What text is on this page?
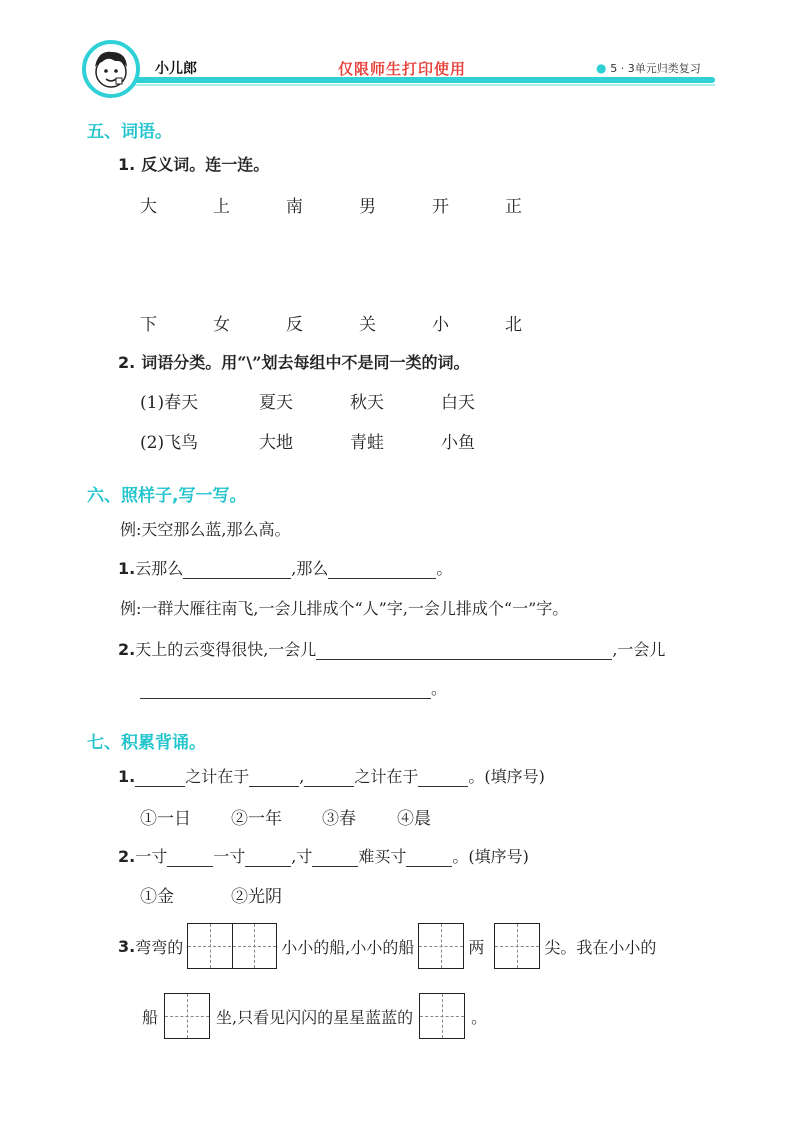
小儿郎	仅限师生打印使用	● 5 · 3单元归类复习
五、词语。
1. 反义词。连一连。
大	上	南	男	开	正
下	女	反	关	小	北
2. 词语分类。用“\”划去每组中不是同一类的词。
(1)春天	夏天	秋天	白天
(2)飞鸟	大地	青蛙	小鱼
六、照样子,写一写。
例:天空那么蓝,那么高。
1.云那么	,那么	。
例:一群大雁往南飞,一会儿排成个“人”字,一会儿排成个“一”字。
2.天上的云变得很快,一会儿	,一会儿
。
七、积累背诵。
1.	之计在于	,	之计在于	。(填序号)
①一日 ②一年 ③春 ④晨
2.一寸	一寸	,寸	难买寸	。(填序号)
①金	②光阴
3. 弯弯的	小小的船,小小的船	两	尖。我在小小的
船	坐,只看见闪闪的星星蓝蓝的	。
